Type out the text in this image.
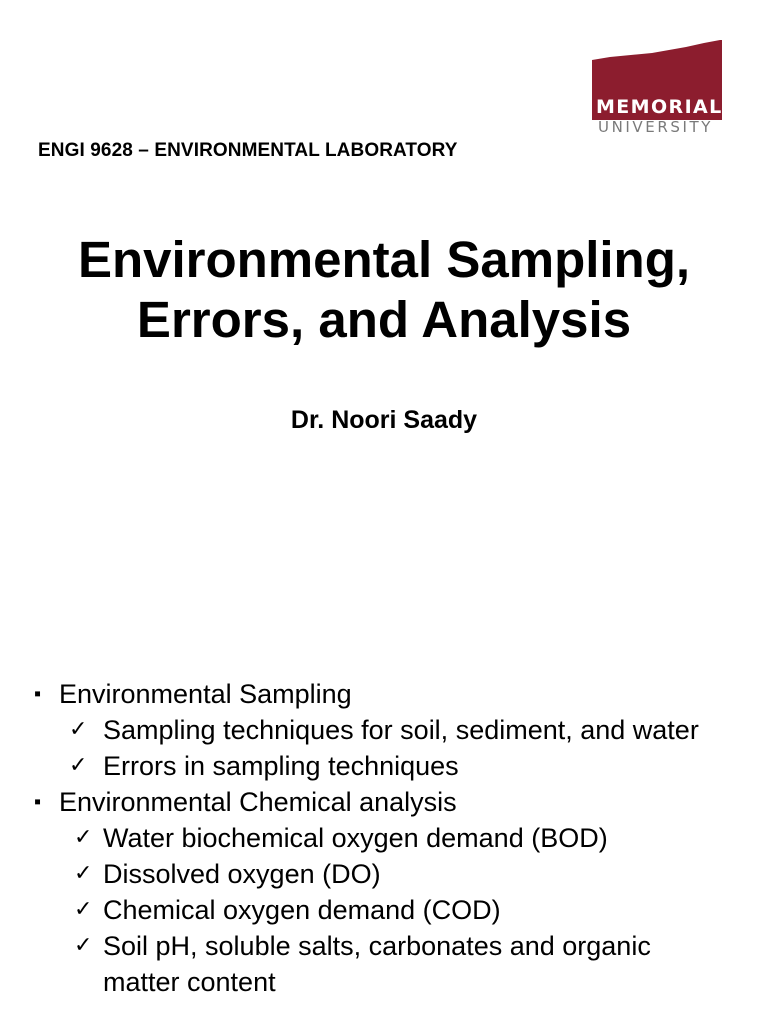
MEMORIAL
UNIVERSITY
ENGI 9628 – ENVIRONMENTAL LABORATORY
Environmental Sampling,
Errors, and Analysis
Dr. Noori Saady
▪ Environmental Sampling
✓ Sampling techniques for soil, sediment, and water
✓ Errors in sampling techniques
▪ Environmental Chemical analysis
✓ Water biochemical oxygen demand (BOD)
✓ Dissolved oxygen (DO)
✓ Chemical oxygen demand (COD)
✓ Soil pH, soluble salts, carbonates and organic matter content
